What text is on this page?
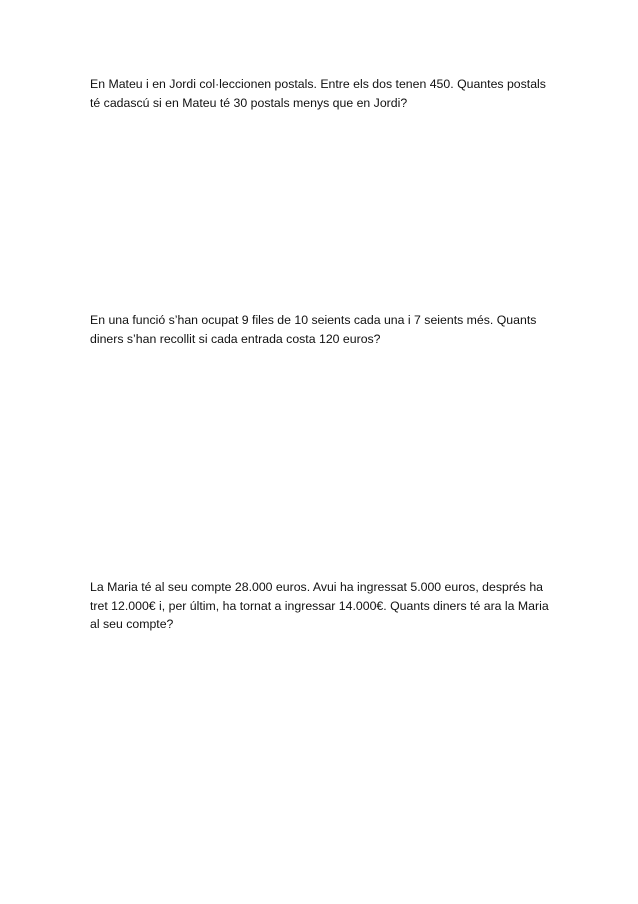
En Mateu i en Jordi col·leccionen postals. Entre els dos tenen 450. Quantes postals té cadascú si en Mateu té 30 postals menys que en Jordi?

En una funció s’han ocupat 9 files de 10 seients cada una i 7 seients més. Quants diners s’han recollit si cada entrada costa 120 euros?

La Maria té al seu compte 28.000 euros. Avui ha ingressat 5.000 euros, després ha tret 12.000€ i, per últim, ha tornat a ingressar 14.000€. Quants diners té ara la Maria al seu compte?
